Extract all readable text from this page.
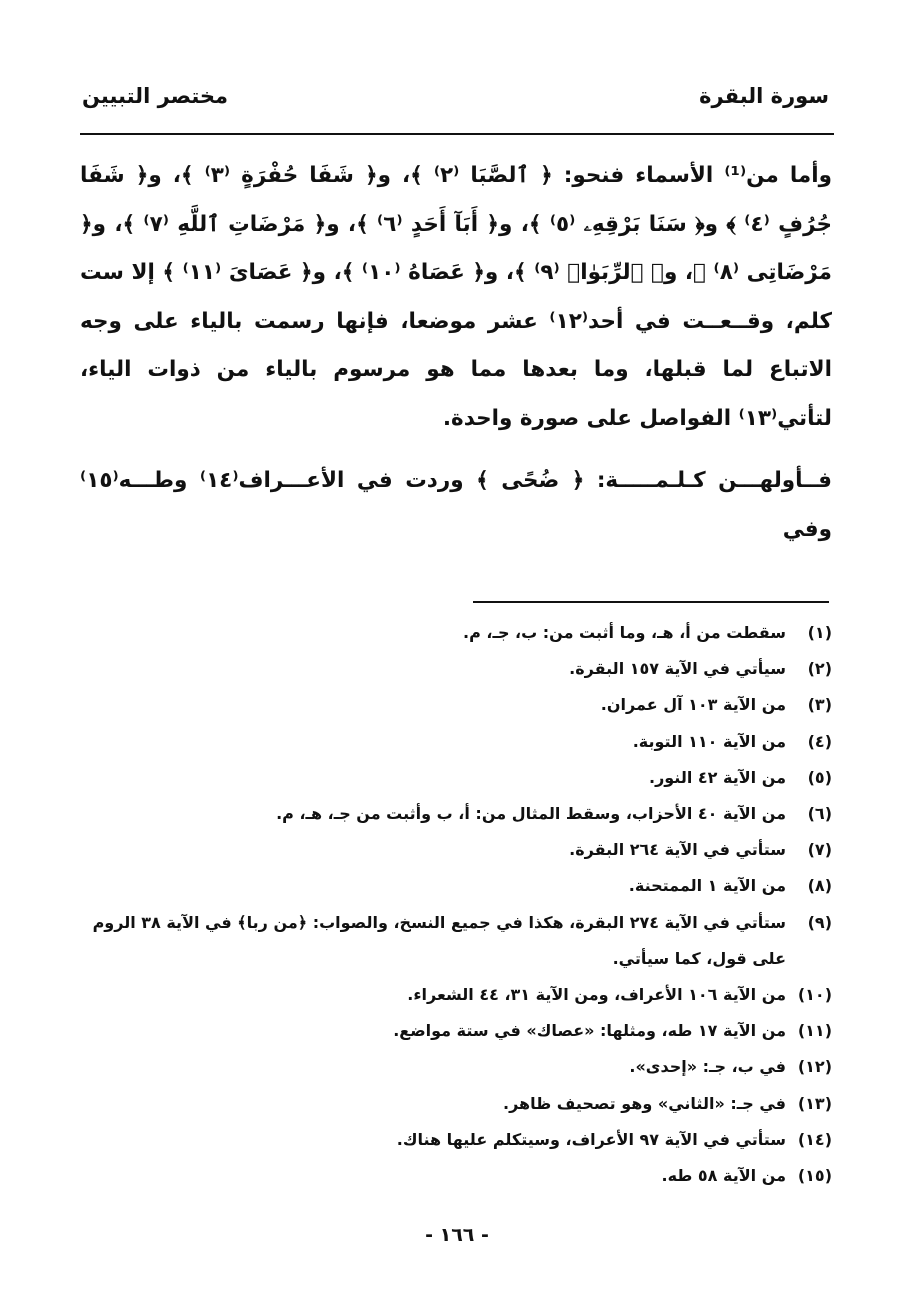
سورة البقرة
مختصر التبيين

وأما من⁽¹⁾ الأسماء فنحو: ﴿ ٱلصَّبَا ⁽٢⁾ ﴾، و﴿ شَفَا حُفْرَةٍ ⁽٣⁾ ﴾، و﴿ شَفَا جُرُفٍ ⁽٤⁾ ﴾ و﴿ سَنَا بَرْقِهِۦ ⁽٥⁾ ﴾، و﴿ أَبَآ أَحَدٍ ⁽٦⁾ ﴾، و﴿ مَرْضَاتِ ٱللَّهِ ⁽٧⁾ ﴾، و﴿ مَرْضَاتِى ⁽٨⁾ ﴾، و﴿ ٱلرِّبَوٰا۟ ⁽٩⁾ ﴾، و﴿ عَصَاهُ ⁽١٠⁾ ﴾، و﴿ عَصَاىَ ⁽١١⁾ ﴾ إلا ست كلم، وقــعــت في أحد⁽١٢⁾ عشر موضعا، فإنها رسمت بالياء على وجه الاتباع لما قبلها، وما بعدها مما هو مرسوم بالياء من ذوات الياء، لتأتي⁽١٣⁾ الفواصل على صورة واحدة.

فــأولهـــن كـلـمـــــة: ﴿ ضُحًى ﴾ وردت في الأعـــراف⁽١٤⁾ وطـــه⁽١٥⁾ وفي

(١)
سقطت من أ، هـ، وما أثبت من: ب، جـ، م.
(٢)
سيأتي في الآية ١٥٧ البقرة.
(٣)
من الآية ١٠٣ آل عمران.
(٤)
من الآية ١١٠ التوبة.
(٥)
من الآية ٤٢ النور.
(٦)
من الآية ٤٠ الأحزاب، وسقط المثال من: أ، ب وأثبت من جـ، هـ، م.
(٧)
ستأتي في الآية ٢٦٤ البقرة.
(٨)
من الآية ١ الممتحنة.
(٩)
ستأتي في الآية ٢٧٤ البقرة، هكذا في جميع النسخ، والصواب: ﴿من ربا﴾ في الآية ٣٨ الروم على قول، كما سيأتي.
(١٠)
من الآية ١٠٦ الأعراف، ومن الآية ٣١، ٤٤ الشعراء.
(١١)
من الآية ١٧ طه، ومثلها: «عصاك» في ستة مواضع.
(١٢)
في ب، جـ: «إحدى».
(١٣)
في جـ: «الثاني» وهو تصحيف ظاهر.
(١٤)
ستأتي في الآية ٩٧ الأعراف، وسيتكلم عليها هناك.
(١٥)
من الآية ٥٨ طه.
- ١٦٦ -
